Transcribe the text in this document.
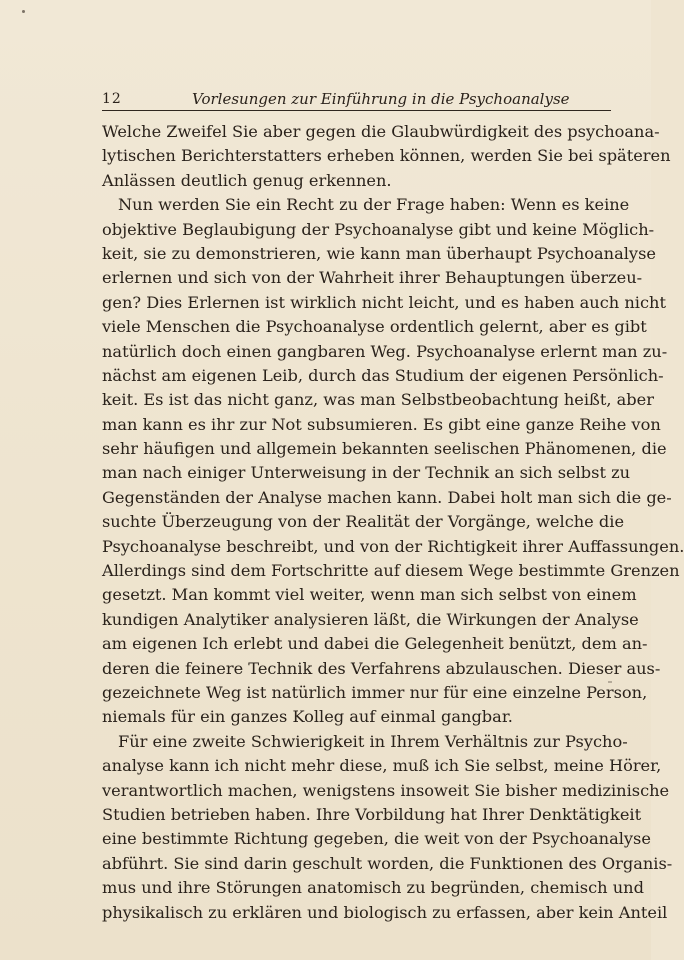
12	Vorlesungen zur Einführung in die Psychoanalyse
Welche Zweifel Sie aber gegen die Glaubwürdigkeit des psychoana-
lytischen Berichterstatters erheben können, werden Sie bei späteren
Anlässen deutlich genug erkennen.
Nun werden Sie ein Recht zu der Frage haben: Wenn es keine
objektive Beglaubigung der Psychoanalyse gibt und keine Möglich-
keit, sie zu demonstrieren, wie kann man überhaupt Psychoanalyse
erlernen und sich von der Wahrheit ihrer Behauptungen überzeu-
gen? Dies Erlernen ist wirklich nicht leicht, und es haben auch nicht
viele Menschen die Psychoanalyse ordentlich gelernt, aber es gibt
natürlich doch einen gangbaren Weg. Psychoanalyse erlernt man zu-
nächst am eigenen Leib, durch das Studium der eigenen Persönlich-
keit. Es ist das nicht ganz, was man Selbstbeobachtung heißt, aber
man kann es ihr zur Not subsumieren. Es gibt eine ganze Reihe von
sehr häufigen und allgemein bekannten seelischen Phänomenen, die
man nach einiger Unterweisung in der Technik an sich selbst zu
Gegenständen der Analyse machen kann. Dabei holt man sich die ge-
suchte Überzeugung von der Realität der Vorgänge, welche die
Psychoanalyse beschreibt, und von der Richtigkeit ihrer Auffassungen.
Allerdings sind dem Fortschritte auf diesem Wege bestimmte Grenzen
gesetzt. Man kommt viel weiter, wenn man sich selbst von einem
kundigen Analytiker analysieren läßt, die Wirkungen der Analyse
am eigenen Ich erlebt und dabei die Gelegenheit benützt, dem an-
deren die feinere Technik des Verfahrens abzulauschen. Dieser aus-
gezeichnete Weg ist natürlich immer nur für eine einzelne Person,
niemals für ein ganzes Kolleg auf einmal gangbar.
Für eine zweite Schwierigkeit in Ihrem Verhältnis zur Psycho-
analyse kann ich nicht mehr diese, muß ich Sie selbst, meine Hörer,
verantwortlich machen, wenigstens insoweit Sie bisher medizinische
Studien betrieben haben. Ihre Vorbildung hat Ihrer Denktätigkeit
eine bestimmte Richtung gegeben, die weit von der Psychoanalyse
abführt. Sie sind darin geschult worden, die Funktionen des Organis-
mus und ihre Störungen anatomisch zu begründen, chemisch und
physikalisch zu erklären und biologisch zu erfassen, aber kein Anteil
